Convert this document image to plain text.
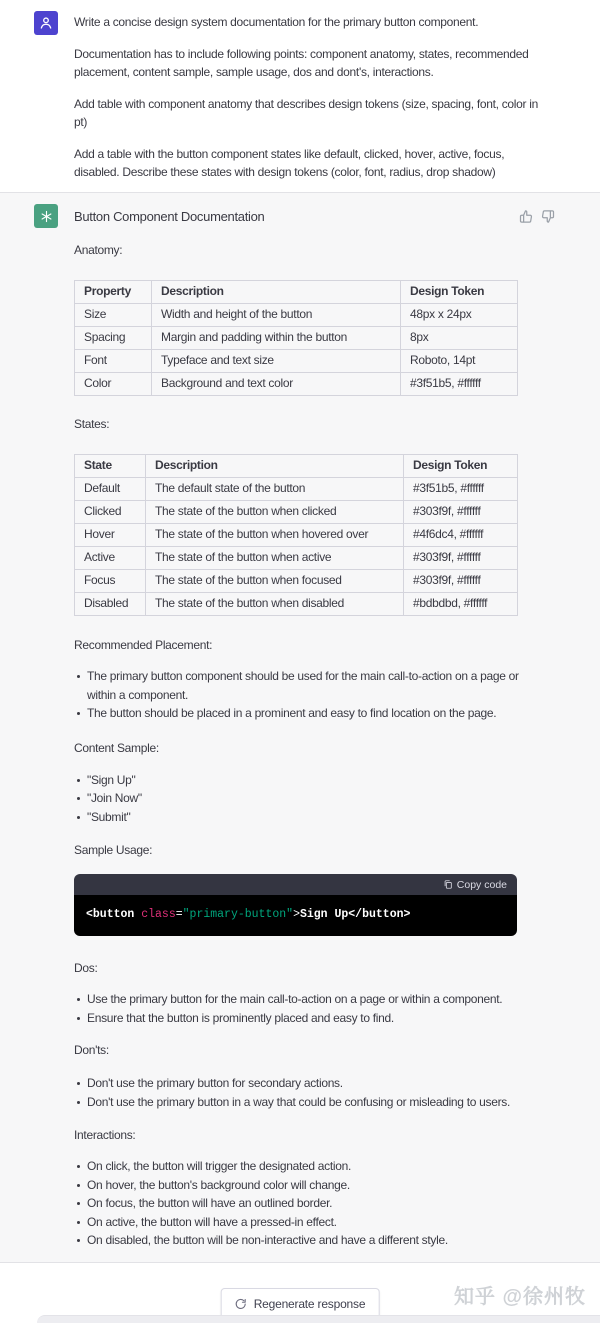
Write a concise design system documentation for the primary button component.

Documentation has to include following points: component anatomy, states, recommended placement, content sample, sample usage, dos and dont's, interactions.

Add table with component anatomy that describes design tokens (size, spacing, font, color in pt)

Add a table with the button component states like default, clicked, hover, active, focus, disabled. Describe these states with design tokens (color, font, radius, drop shadow)

Button Component Documentation
Anatomy:
Property	Description	Design Token
Size	Width and height of the button	48px x 24px
Spacing	Margin and padding within the button	8px
Font	Typeface and text size	Roboto, 14pt
Color	Background and text color	#3f51b5, #ffffff
States:
State	Description	Design Token
Default	The default state of the button	#3f51b5, #ffffff
Clicked	The state of the button when clicked	#303f9f, #ffffff
Hover	The state of the button when hovered over	#4f6dc4, #ffffff
Active	The state of the button when active	#303f9f, #ffffff
Focus	The state of the button when focused	#303f9f, #ffffff
Disabled	The state of the button when disabled	#bdbdbd, #ffffff
Recommended Placement:
The primary button component should be used for the main call-to-action on a page or within a component.
The button should be placed in a prominent and easy to find location on the page.
Content Sample:
"Sign Up"
"Join Now"
"Submit"
Sample Usage:
Copy code
<button class="primary-button">Sign Up</button>
Dos:
Use the primary button for the main call-to-action on a page or within a component.
Ensure that the button is prominently placed and easy to find.
Don'ts:
Don't use the primary button for secondary actions.
Don't use the primary button in a way that could be confusing or misleading to users.
Interactions:
On click, the button will trigger the designated action.
On hover, the button's background color will change.
On focus, the button will have an outlined border.
On active, the button will have a pressed-in effect.
On disabled, the button will be non-interactive and have a different style.
Regenerate response	知乎 @徐州牧
